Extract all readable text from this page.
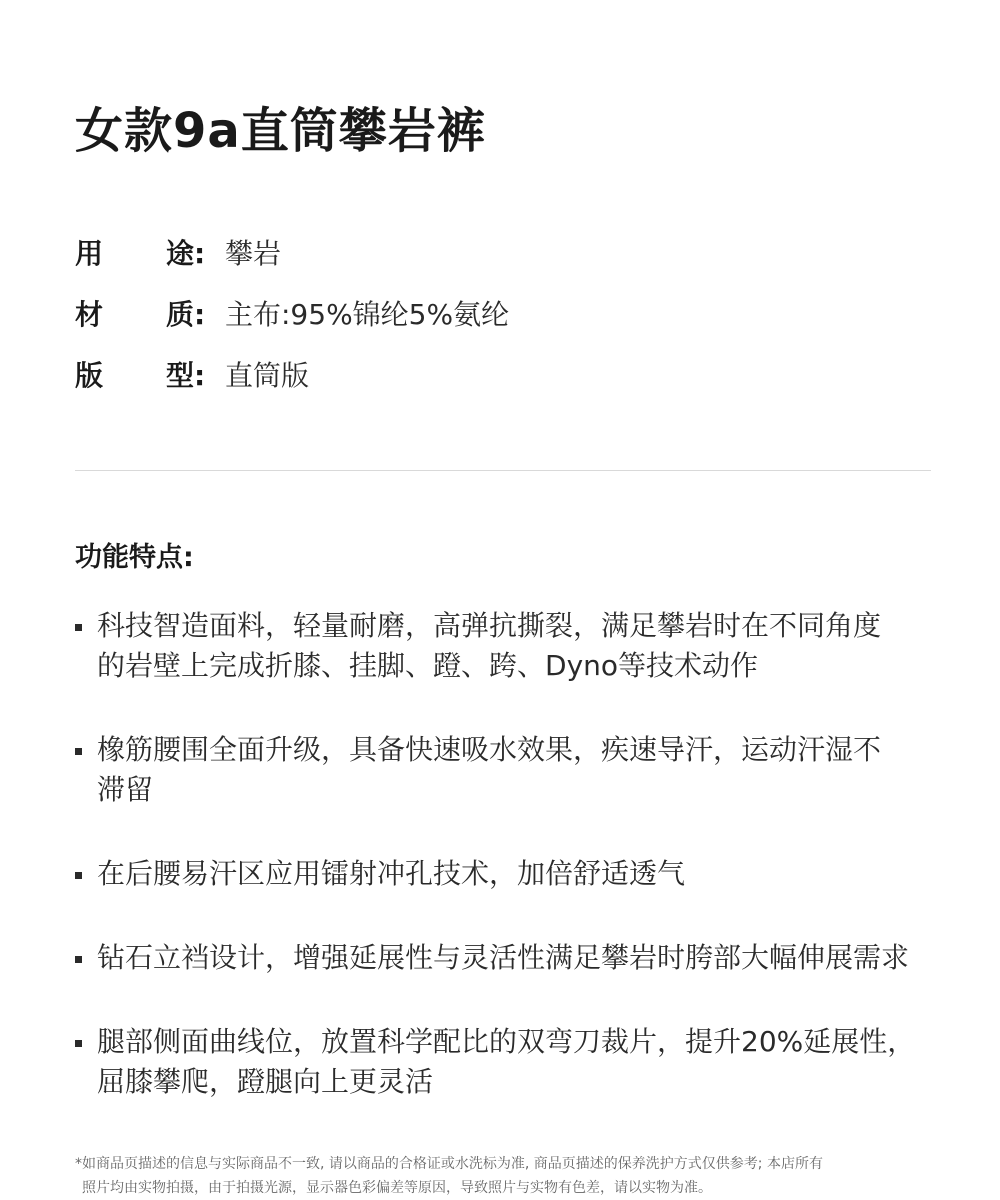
女款9a直筒攀岩裤
用 途: 攀岩
材 质: 主布:95%锦纶5%氨纶
版 型: 直筒版
功能特点:
科技智造面料，轻量耐磨，高弹抗撕裂，满足攀岩时在不同角度
的岩壁上完成折膝、挂脚、蹬、跨、Dyno等技术动作
橡筋腰围全面升级，具备快速吸水效果，疾速导汗，运动汗湿不
滞留
在后腰易汗区应用镭射冲孔技术，加倍舒适透气
钻石立裆设计，增强延展性与灵活性满足攀岩时胯部大幅伸展需求
腿部侧面曲线位，放置科学配比的双弯刀裁片，提升20%延展性，
屈膝攀爬，蹬腿向上更灵活
*如商品页描述的信息与实际商品不一致, 请以商品的合格证或水洗标为准, 商品页描述的保养洗护方式仅供参考; 本店所有
照片均由实物拍摄，由于拍摄光源，显示器色彩偏差等原因，导致照片与实物有色差，请以实物为准。
